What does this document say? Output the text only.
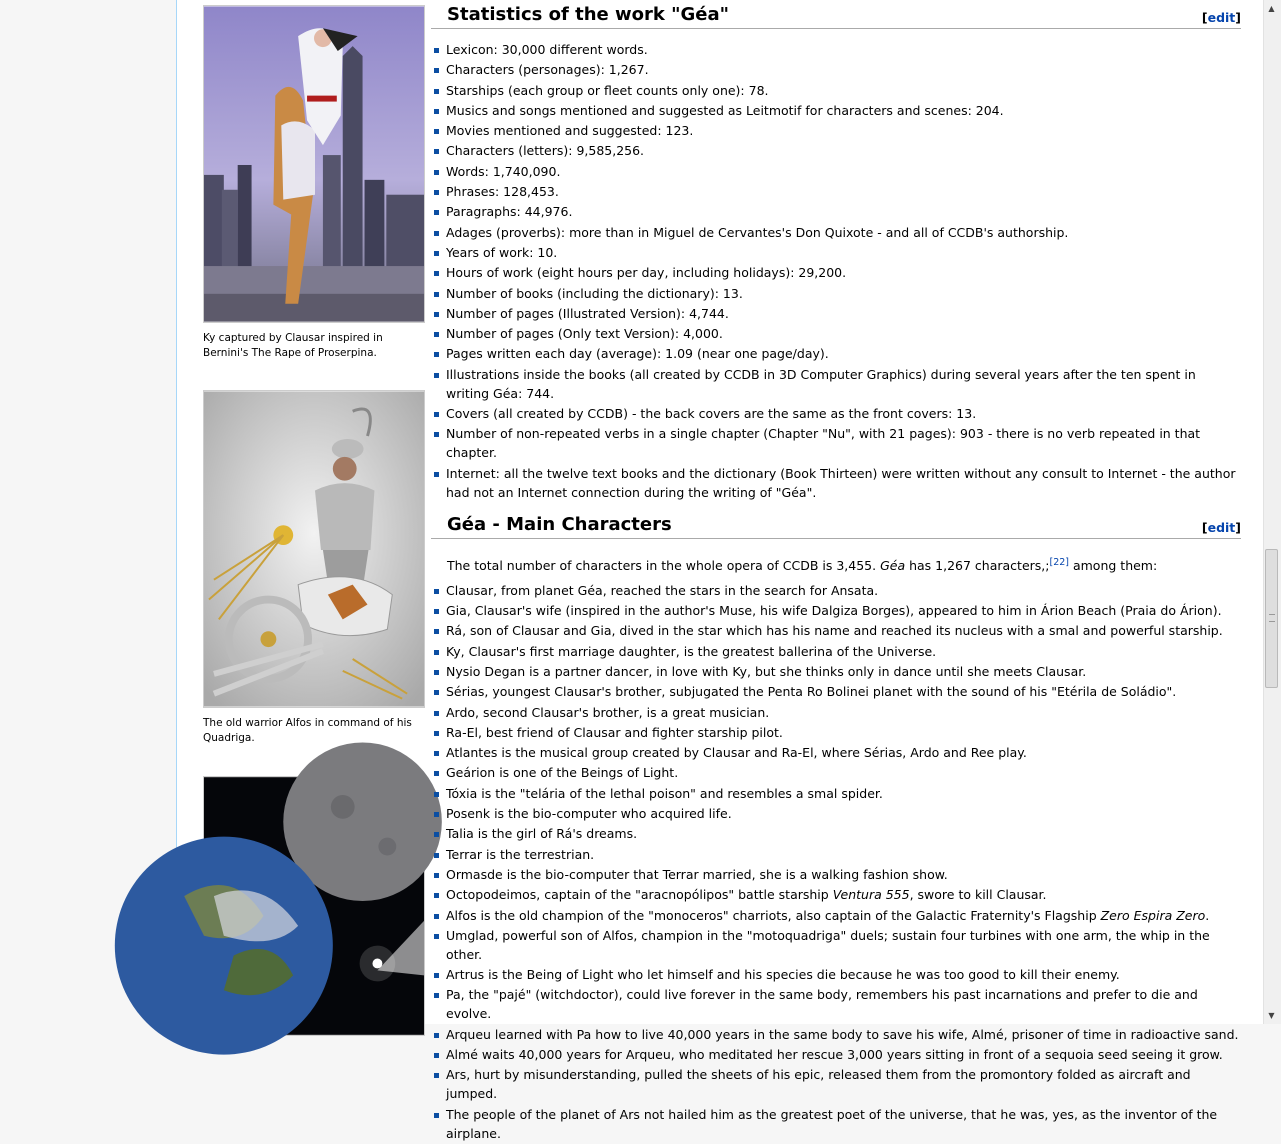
Ky captured by Clausar inspired in Bernini's The Rape of Proserpina.
The old warrior Alfos in command of his Quadriga.
Statistics of the work "Géa"	[edit]
Lexicon: 30,000 different words.
Characters (personages): 1,267.
Starships (each group or fleet counts only one): 78.
Musics and songs mentioned and suggested as Leitmotif for characters and scenes: 204.
Movies mentioned and suggested: 123.
Characters (letters): 9,585,256.
Words: 1,740,090.
Phrases: 128,453.
Paragraphs: 44,976.
Adages (proverbs): more than in Miguel de Cervantes's Don Quixote - and all of CCDB's authorship.
Years of work: 10.
Hours of work (eight hours per day, including holidays): 29,200.
Number of books (including the dictionary): 13.
Number of pages (Illustrated Version): 4,744.
Number of pages (Only text Version): 4,000.
Pages written each day (average): 1.09 (near one page/day).
Illustrations inside the books (all created by CCDB in 3D Computer Graphics) during several years after the ten spent in writing Géa: 744.
Covers (all created by CCDB) - the back covers are the same as the front covers: 13.
Number of non-repeated verbs in a single chapter (Chapter "Nu", with 21 pages): 903 - there is no verb repeated in that chapter.
Internet: all the twelve text books and the dictionary (Book Thirteen) were written without any consult to Internet - the author had not an Internet connection during the writing of "Géa".
Géa - Main Characters	[edit]

The total number of characters in the whole opera of CCDB is 3,455. Géa has 1,267 characters,;[22] among them:

Clausar, from planet Géa, reached the stars in the search for Ansata.
Gia, Clausar's wife (inspired in the author's Muse, his wife Dalgiza Borges), appeared to him in Árion Beach (Praia do Árion).
Rá, son of Clausar and Gia, dived in the star which has his name and reached its nucleus with a smal and powerful starship.
Ky, Clausar's first marriage daughter, is the greatest ballerina of the Universe.
Nysio Degan is a partner dancer, in love with Ky, but she thinks only in dance until she meets Clausar.
Sérias, youngest Clausar's brother, subjugated the Penta Ro Bolinei planet with the sound of his "Etérila de Soládio".
Ardo, second Clausar's brother, is a great musician.
Ra-El, best friend of Clausar and fighter starship pilot.
Atlantes is the musical group created by Clausar and Ra-El, where Sérias, Ardo and Ree play.
Geárion is one of the Beings of Light.
Tóxia is the "telária of the lethal poison" and resembles a smal spider.
Posenk is the bio-computer who acquired life.
Talia is the girl of Rá's dreams.
Terrar is the terrestrian.
Ormasde is the bio-computer that Terrar married, she is a walking fashion show.
Octopodeimos, captain of the "aracnopólipos" battle starship Ventura 555, swore to kill Clausar.
Alfos is the old champion of the "monoceros" charriots, also captain of the Galactic Fraternity's Flagship Zero Espira Zero.
Umglad, powerful son of Alfos, champion in the "motoquadriga" duels; sustain four turbines with one arm, the whip in the other.
Artrus is the Being of Light who let himself and his species die because he was too good to kill their enemy.
Pa, the "pajé" (witchdoctor), could live forever in the same body, remembers his past incarnations and prefer to die and evolve.
Arqueu learned with Pa how to live 40,000 years in the same body to save his wife, Almé, prisoner of time in radioactive sand.
Almé waits 40,000 years for Arqueu, who meditated her rescue 3,000 years sitting in front of a sequoia seed seeing it grow.
Ars, hurt by misunderstanding, pulled the sheets of his epic, released them from the promontory folded as aircraft and jumped.
The people of the planet of Ars not hailed him as the greatest poet of the universe, that he was, yes, as the inventor of the airplane.
▲
▼
